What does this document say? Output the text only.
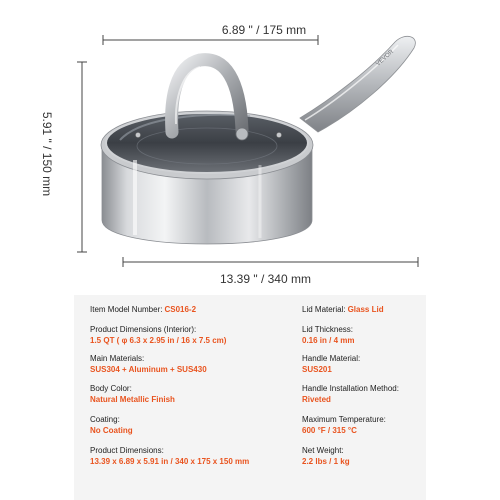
VEVOR
6.89 " / 175 mm
5.91 " / 150 mm
13.39 " / 340 mm
Item Model Number: CS016-2
Product Dimensions (Interior):
1.5 QT ( φ 6.3 x 2.95 in / 16 x 7.5 cm)
Main Materials:
SUS304 + Aluminum + SUS430
Body Color:
Natural Metallic Finish
Coating:
No Coating
Product Dimensions:
13.39 x 6.89 x 5.91 in / 340 x 175 x 150 mm
Lid Material: Glass Lid
Lid Thickness:
0.16 in / 4 mm
Handle Material:
SUS201
Handle Installation Method:
Riveted
Maximum Temperature:
600 °F / 315 °C
Net Weight:
2.2 lbs / 1 kg
